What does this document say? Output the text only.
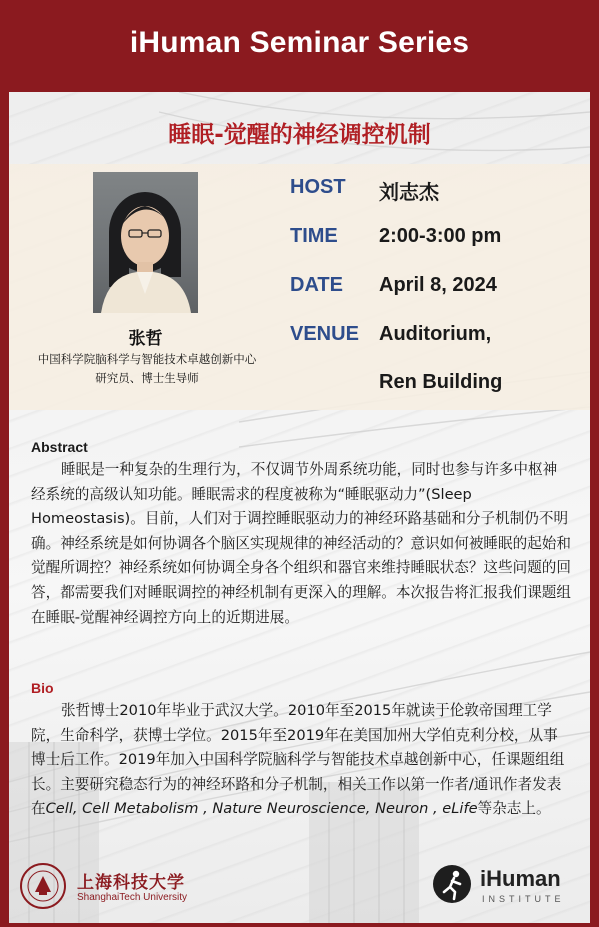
iHuman Seminar Series
睡眠-觉醒的神经调控机制
张哲
中国科学院脑科学与智能技术卓越创新中心
研究员、博士生导师
HOST 刘志杰
TIME 2:00-3:00 pm
DATE April 8, 2024
VENUE Auditorium,
Ren Building
Abstract
睡眠是一种复杂的生理行为，不仅调节外周系统功能，同时也参与许多中枢神经系统的高级认知功能。睡眠需求的程度被称为“睡眠驱动力”(Sleep Homeostasis)。目前，人们对于调控睡眠驱动力的神经环路基础和分子机制仍不明确。神经系统是如何协调各个脑区实现规律的神经活动的？意识如何被睡眠的起始和觉醒所调控？神经系统如何协调全身各个组织和器官来维持睡眠状态？这些问题的回答，都需要我们对睡眠调控的神经机制有更深入的理解。本次报告将汇报我们课题组在睡眠-觉醒神经调控方向上的近期进展。
Bio
张哲博士2010年毕业于武汉大学。2010年至2015年就读于伦敦帝国理工学院，生命科学，获博士学位。2015年至2019年在美国加州大学伯克利分校，从事博士后工作。2019年加入中国科学院脑科学与智能技术卓越创新中心，任课题组组长。主要研究稳态行为的神经环路和分子机制，相关工作以第一作者/通讯作者发表在Cell, Cell Metabolism , Nature Neuroscience, Neuron , eLife等杂志上。
上海科技大学
ShanghaiTech University
iHuman
INSTITUTE
